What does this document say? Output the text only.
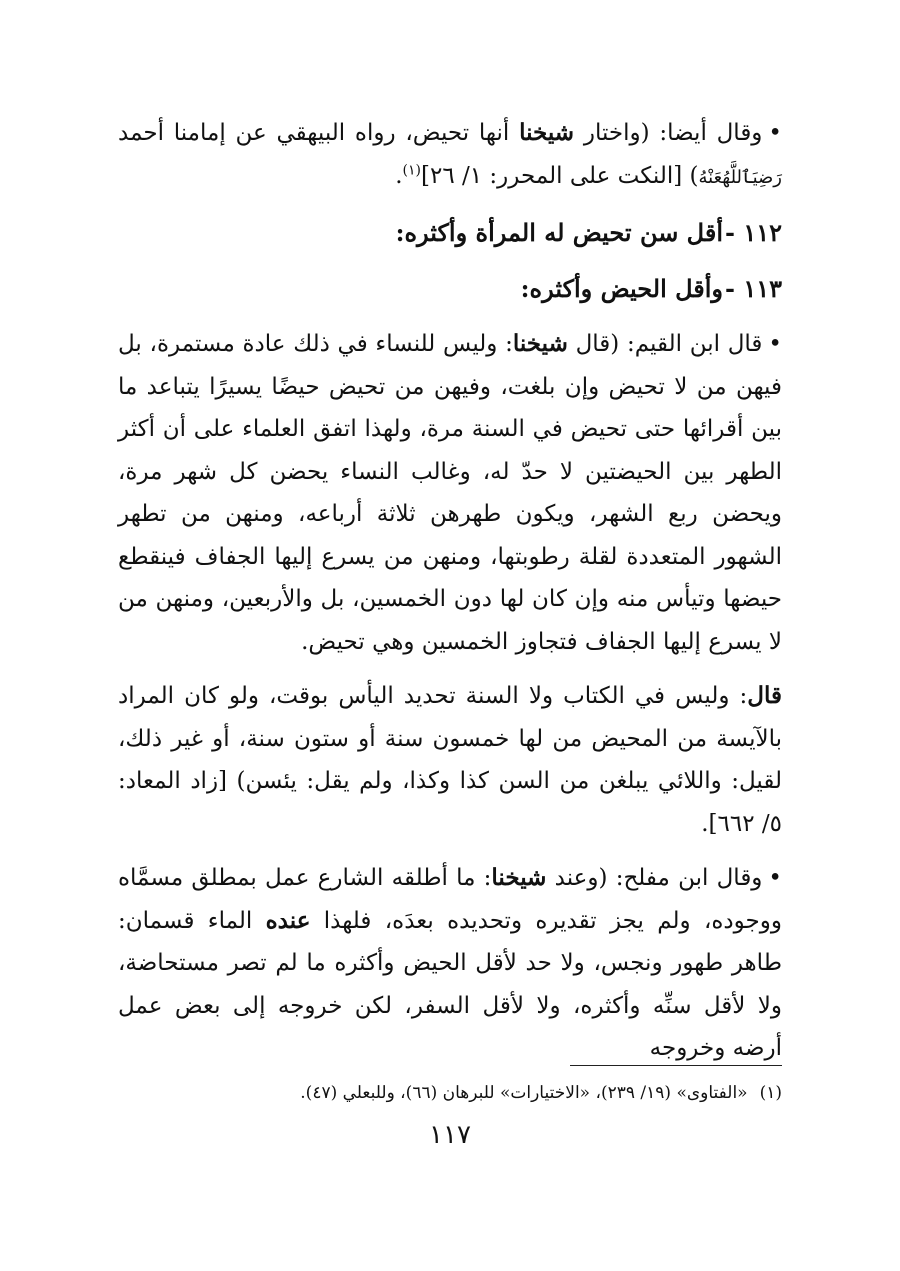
•وقال أيضا: (واختار شيخنا أنها تحيض، رواه البيهقي عن إمامنا أحمد رَضِيَٱللَّهُعَنْهُ) [النكت على المحرر: ١/ ٢٦]$^{(١)}$.

١١٢ -أقل سن تحيض له المرأة وأكثره:
١١٣ -وأقل الحيض وأكثره:

•قال ابن القيم: (قال شيخنا: وليس للنساء في ذلك عادة مستمرة، بل فيهن من لا تحيض وإن بلغت، وفيهن من تحيض حيضًا يسيرًا يتباعد ما بين أقرائها حتى تحيض في السنة مرة، ولهذا اتفق العلماء على أن أكثر الطهر بين الحيضتين لا حدّ له، وغالب النساء يحضن كل شهر مرة، ويحضن ربع الشهر، ويكون طهرهن ثلاثة أرباعه، ومنهن من تطهر الشهور المتعددة لقلة رطوبتها، ومنهن من يسرع إليها الجفاف فينقطع حيضها وتيأس منه وإن كان لها دون الخمسين، بل والأربعين، ومنهن من لا يسرع إليها الجفاف فتجاوز الخمسين وهي تحيض.

قال: وليس في الكتاب ولا السنة تحديد اليأس بوقت، ولو كان المراد بالآيسة من المحيض من لها خمسون سنة أو ستون سنة، أو غير ذلك، لقيل: واللائي يبلغن من السن كذا وكذا، ولم يقل: يئسن) [زاد المعاد: ٥/ ٦٦٢].

•وقال ابن مفلح: (وعند شيخنا: ما أطلقه الشارع عمل بمطلق مسمَّاه ووجوده، ولم يجز تقديره وتحديده بعدَه، فلهذا عنده الماء قسمان: طاهر طهور ونجس، ولا حد لأقل الحيض وأكثره ما لم تصر مستحاضة، ولا لأقل سنِّه وأكثره، ولا لأقل السفر، لكن خروجه إلى بعض عمل أرضه وخروجه

(١)«الفتاوى» (١٩/ ٢٣٩)، «الاختيارات» للبرهان (٦٦)، وللبعلي (٤٧).
١١٧
